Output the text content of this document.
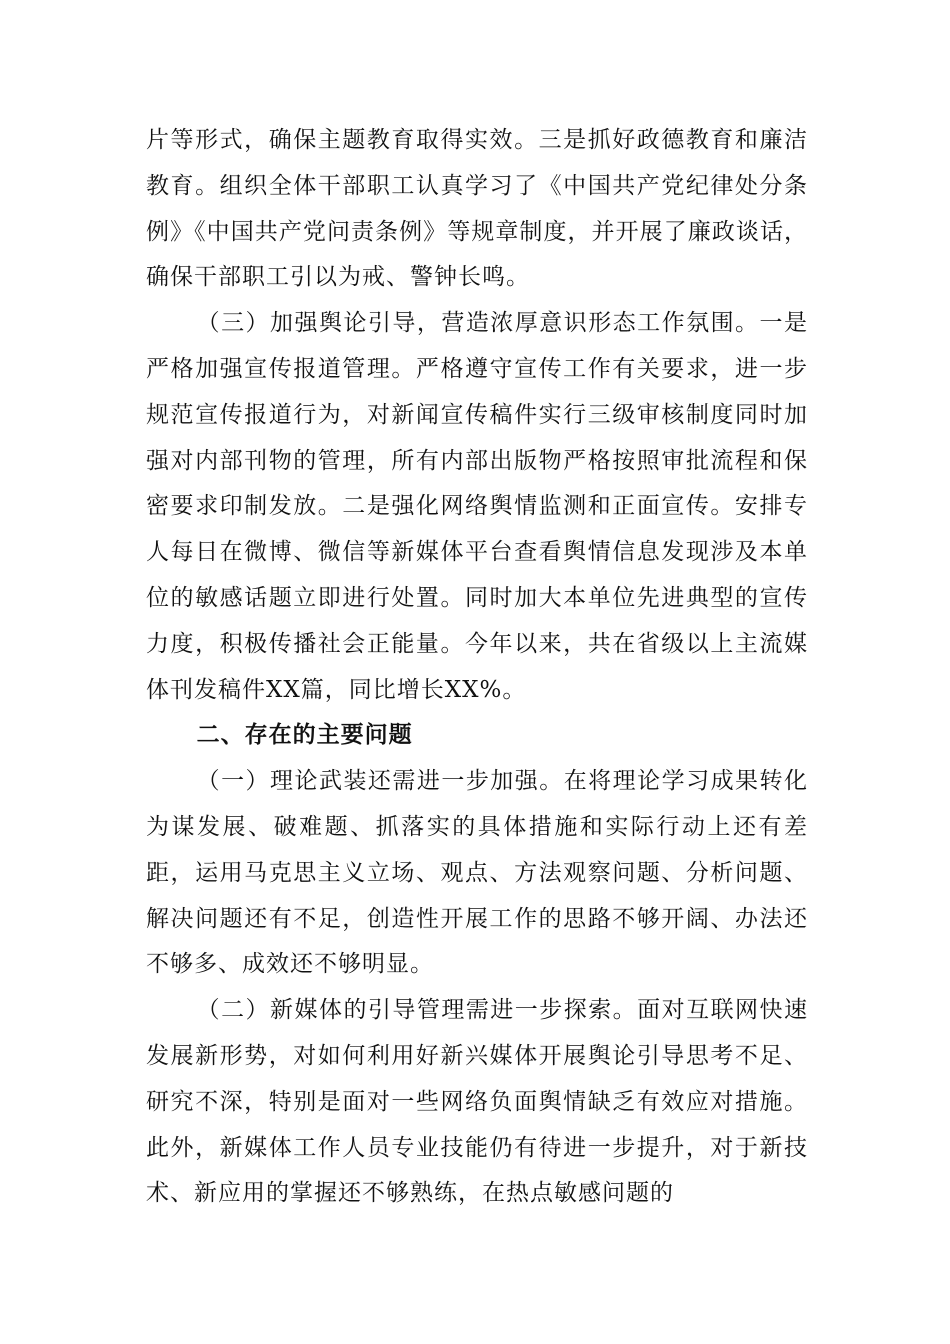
片等形式，确保主题教育取得实效。三是抓好政德教育和廉洁教育。组织全体干部职工认真学习了《中国共产党纪律处分条例》《中国共产党问责条例》等规章制度，并开展了廉政谈话，确保干部职工引以为戒、警钟长鸣。

（三）加强舆论引导，营造浓厚意识形态工作氛围。一是严格加强宣传报道管理。严格遵守宣传工作有关要求，进一步规范宣传报道行为，对新闻宣传稿件实行三级审核制度同时加强对内部刊物的管理，所有内部出版物严格按照审批流程和保密要求印制发放。二是强化网络舆情监测和正面宣传。安排专人每日在微博、微信等新媒体平台查看舆情信息发现涉及本单位的敏感话题立即进行处置。同时加大本单位先进典型的宣传力度，积极传播社会正能量。今年以来，共在省级以上主流媒体刊发稿件XX篇，同比增长XX%。

二、存在的主要问题

（一）理论武装还需进一步加强。在将理论学习成果转化为谋发展、破难题、抓落实的具体措施和实际行动上还有差距，运用马克思主义立场、观点、方法观察问题、分析问题、解决问题还有不足，创造性开展工作的思路不够开阔、办法还不够多、成效还不够明显。

（二）新媒体的引导管理需进一步探索。面对互联网快速发展新形势，对如何利用好新兴媒体开展舆论引导思考不足、研究不深，特别是面对一些网络负面舆情缺乏有效应对措施。此外，新媒体工作人员专业技能仍有待进一步提升，对于新技术、新应用的掌握还不够熟练，在热点敏感问题的
